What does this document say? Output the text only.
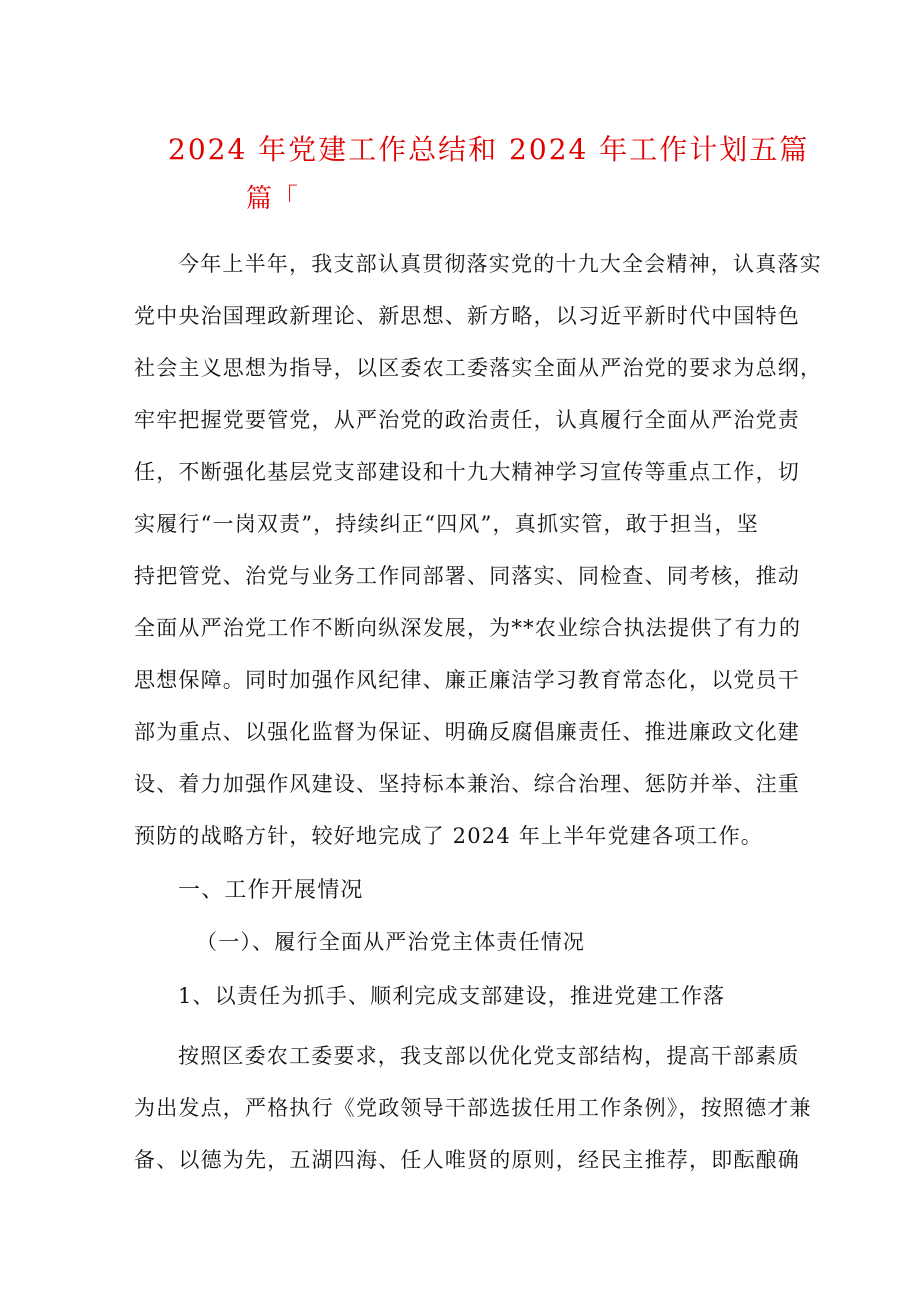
2024 年党建工作总结和 2024 年工作计划五篇
篇「
今年上半年，我支部认真贯彻落实党的十九大全会精神，认真落实
党中央治国理政新理论、新思想、新方略，以习近平新时代中国特色
社会主义思想为指导，以区委农工委落实全面从严治党的要求为总纲，
牢牢把握党要管党，从严治党的政治责任，认真履行全面从严治党责
任，不断强化基层党支部建设和十九大精神学习宣传等重点工作，切
实履行“一岗双责”，持续纠正“四风”，真抓实管，敢于担当，坚
持把管党、治党与业务工作同部署、同落实、同检查、同考核，推动
全面从严治党工作不断向纵深发展，为**农业综合执法提供了有力的
思想保障。同时加强作风纪律、廉正廉洁学习教育常态化，以党员干
部为重点、以强化监督为保证、明确反腐倡廉责任、推进廉政文化建
设、着力加强作风建设、坚持标本兼治、综合治理、惩防并举、注重
预防的战略方针，较好地完成了 2024 年上半年党建各项工作。
一、工作开展情况
（一）、履行全面从严治党主体责任情况
1、以责任为抓手、顺利完成支部建设，推进党建工作落
按照区委农工委要求，我支部以优化党支部结构，提高干部素质
为出发点，严格执行《党政领导干部选拔任用工作条例》，按照德才兼
备、以德为先，五湖四海、任人唯贤的原则，经民主推荐，即酝酿确
